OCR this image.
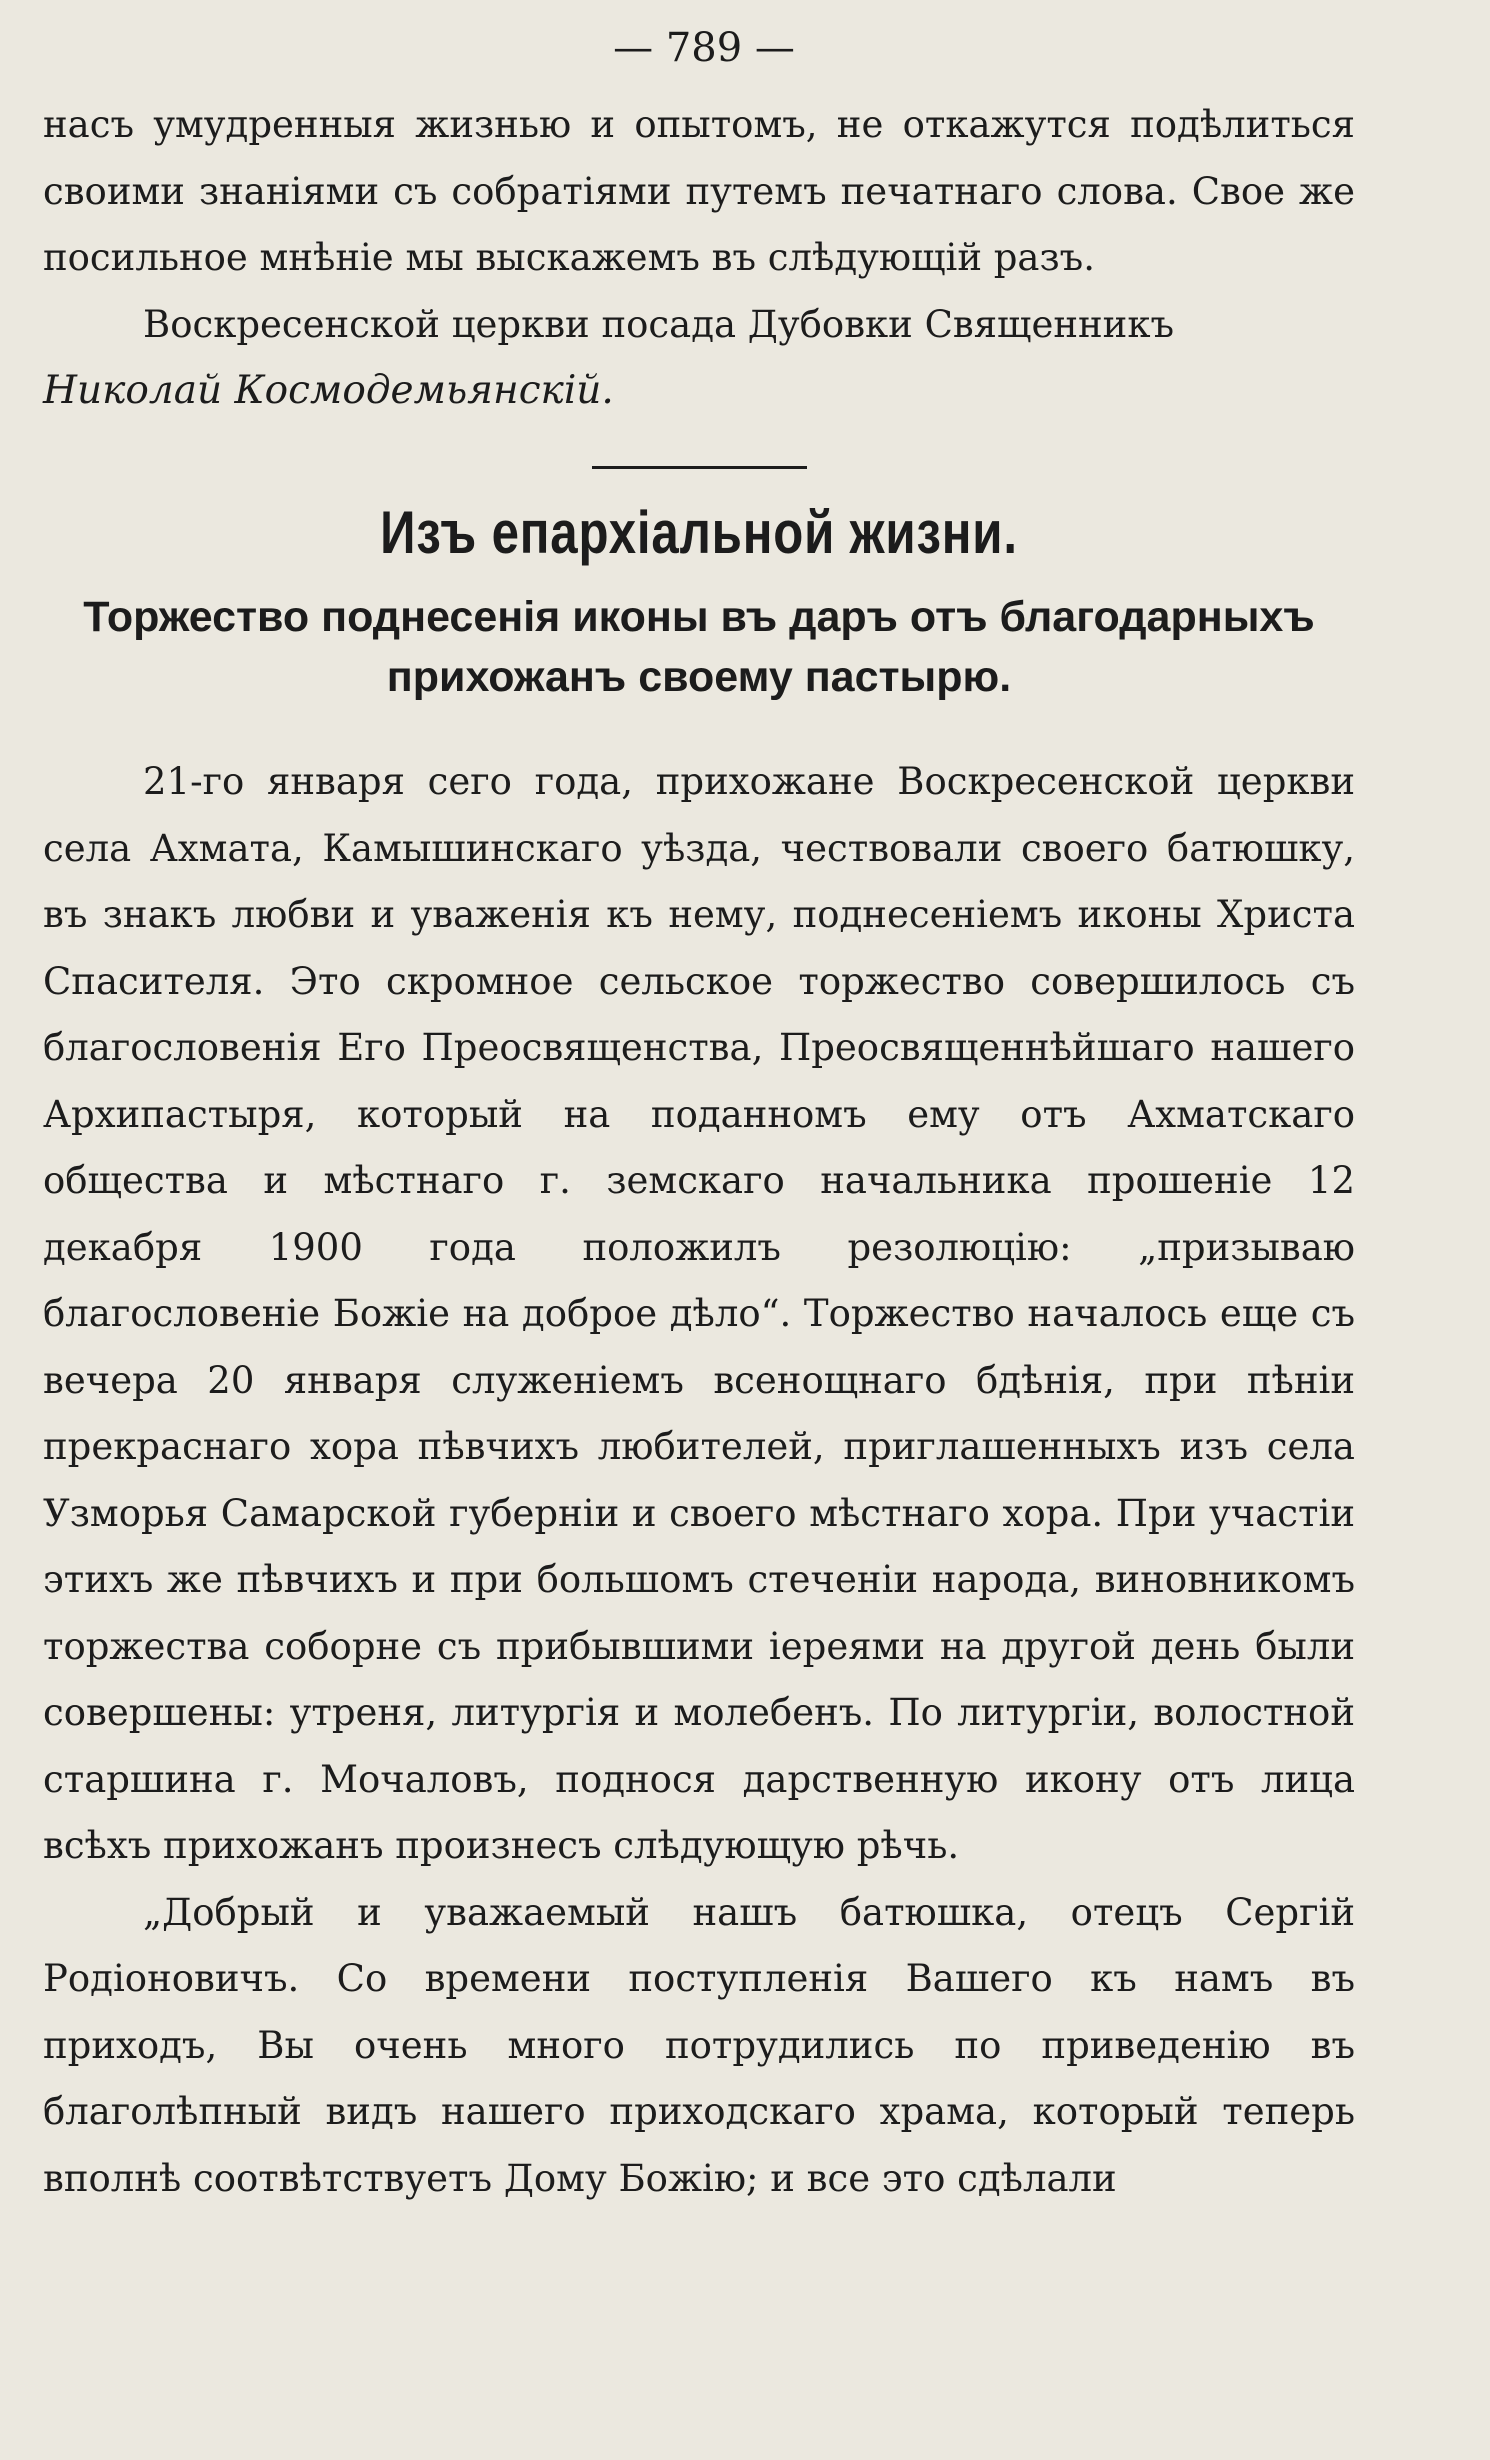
— 789 —

насъ умудренныя жизнью и опытомъ, не откажутся подѣлиться своими знаніями съ собратіями путемъ печатнаго слова. Свое же посильное мнѣніе мы выскажемъ въ слѣдующій разъ.

Воскресенской церкви посада Дубовки Священникъ

Николай Космодемьянскій.

Изъ епархіальной жизни.
Торжество поднесенія иконы въ даръ отъ благодарныхъ
прихожанъ своему пастырю.

21-го января сего года, прихожане Воскресенской церкви села Ахмата, Камышинскаго уѣзда, чествовали своего батюшку, въ знакъ любви и уваженія къ нему, поднесеніемъ иконы Христа Спасителя. Это скромное сельское торжество совершилось съ благословенія Его Преосвященства, Преосвященнѣйшаго нашего Архипастыря, который на поданномъ ему отъ Ахматскаго общества и мѣстнаго г. земскаго начальника прошеніе 12 декабря 1900 года положилъ резолюцію: „призываю благословеніе Божіе на доброе дѣло“. Торжество началось еще съ вечера 20 января служеніемъ всенощнаго бдѣнія, при пѣніи прекраснаго хора пѣвчихъ любителей, приглашенныхъ изъ села Узморья Самарской губерніи и своего мѣстнаго хора. При участіи этихъ же пѣвчихъ и при большомъ стеченіи народа, виновникомъ торжества соборне съ прибывшими іереями на другой день были совершены: утреня, литургія и молебенъ. По литургіи, волостной старшина г. Мочаловъ, поднося дарственную икону отъ лица всѣхъ прихожанъ произнесъ слѣдующую рѣчь.

„Добрый и уважаемый нашъ батюшка, отецъ Сергій Родіоновичъ. Со времени поступленія Вашего къ намъ въ приходъ, Вы очень много потрудились по приведенію въ благолѣпный видъ нашего приходскаго храма, который теперь вполнѣ соотвѣтствуетъ Дому Божію; и все это сдѣлали
